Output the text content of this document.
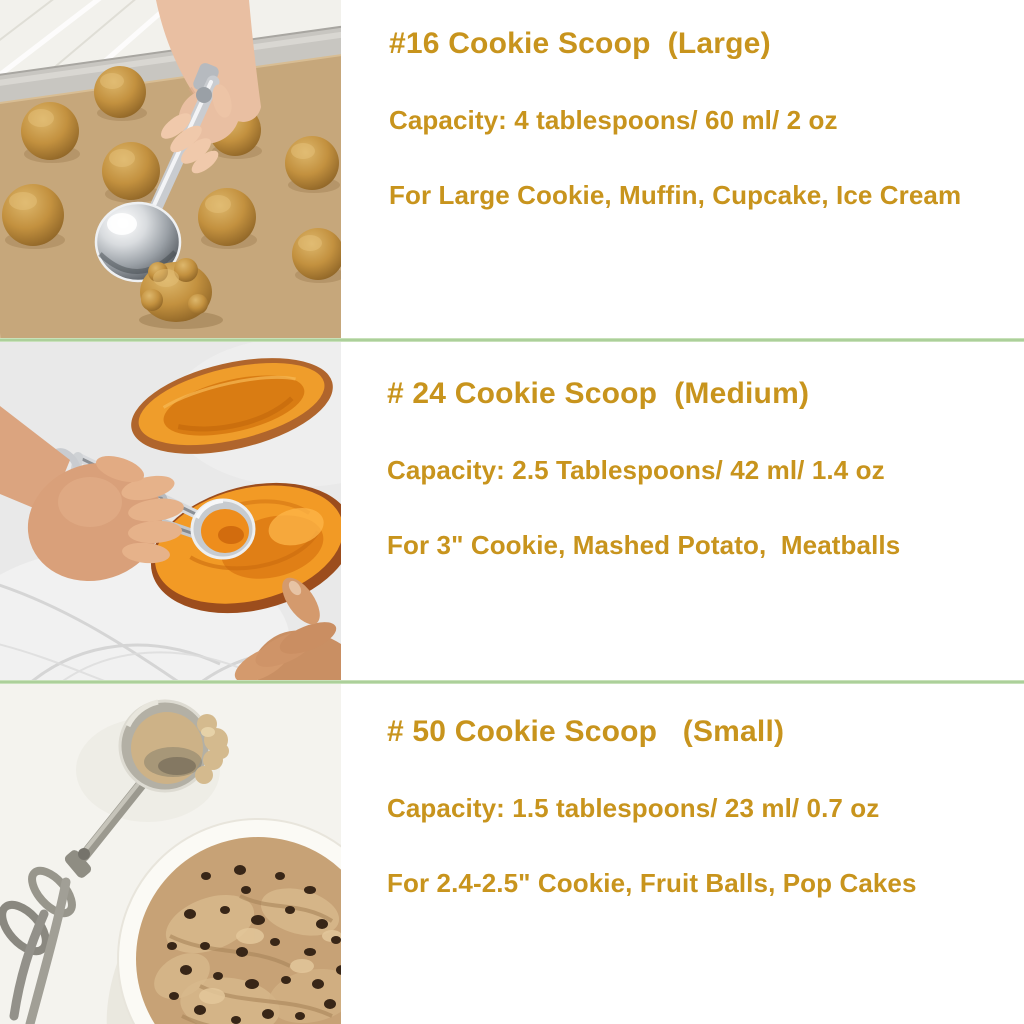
#16 Cookie Scoop  (Large)
Capacity: 4 tablespoons/ 60 ml/ 2 oz
For Large Cookie, Muffin, Cupcake, Ice Cream
# 24 Cookie Scoop  (Medium)
Capacity: 2.5 Tablespoons/ 42 ml/ 1.4 oz
For 3" Cookie, Mashed Potato,  Meatballs
# 50 Cookie Scoop   (Small)
Capacity: 1.5 tablespoons/ 23 ml/ 0.7 oz
For 2.4-2.5" Cookie, Fruit Balls, Pop Cakes
